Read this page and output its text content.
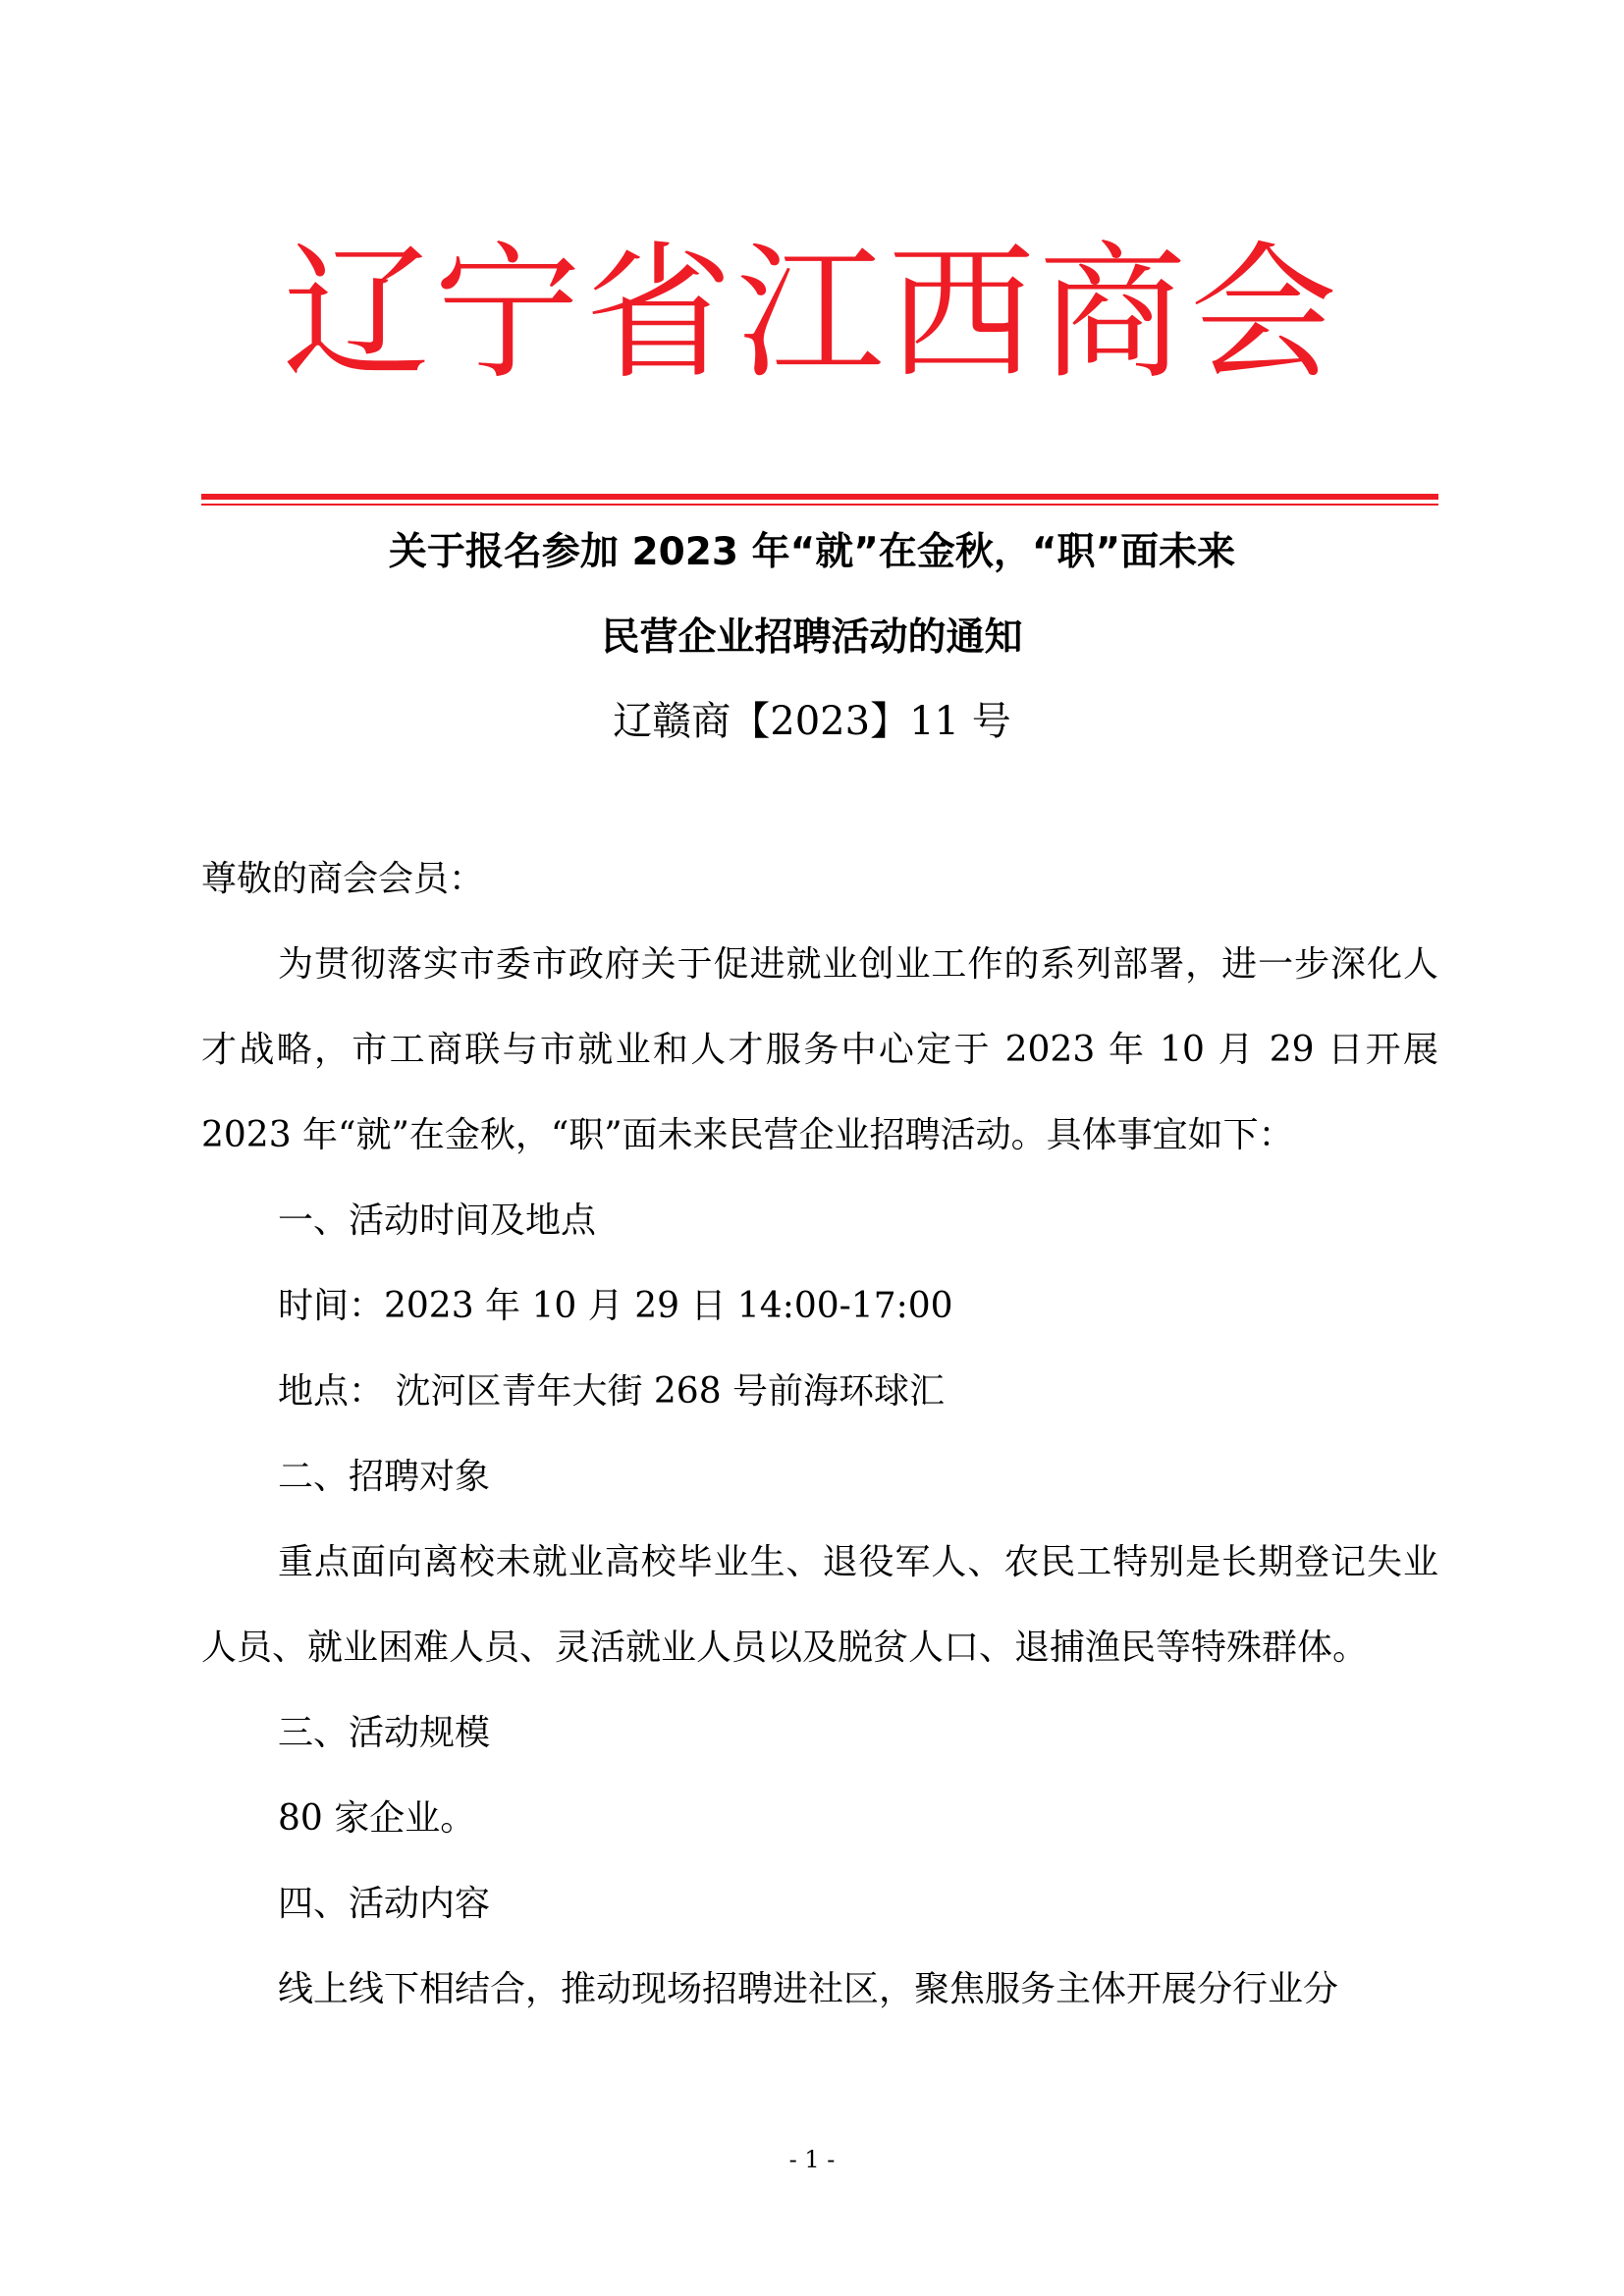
辽宁省江西商会
关于报名参加 2023 年“就”在金秋，“职”面未来
民营企业招聘活动的通知
辽赣商【2023】11 号

尊敬的商会会员：

为贯彻落实市委市政府关于促进就业创业工作的系列部署，进一步深化人才战略，市工商联与市就业和人才服务中心定于 2023 年 10 月 29 日开展 2023 年“就”在金秋，“职”面未来民营企业招聘活动。具体事宜如下：

一、活动时间及地点

时间：2023 年 10 月 29 日 14:00-17:00

地点： 沈河区青年大街 268 号前海环球汇

二、招聘对象

重点面向离校未就业高校毕业生、退役军人、农民工特别是长期登记失业人员、就业困难人员、灵活就业人员以及脱贫人口、退捕渔民等特殊群体。

三、活动规模

80 家企业。

四、活动内容

线上线下相结合，推动现场招聘进社区，聚焦服务主体开展分行业分

- 1 -
